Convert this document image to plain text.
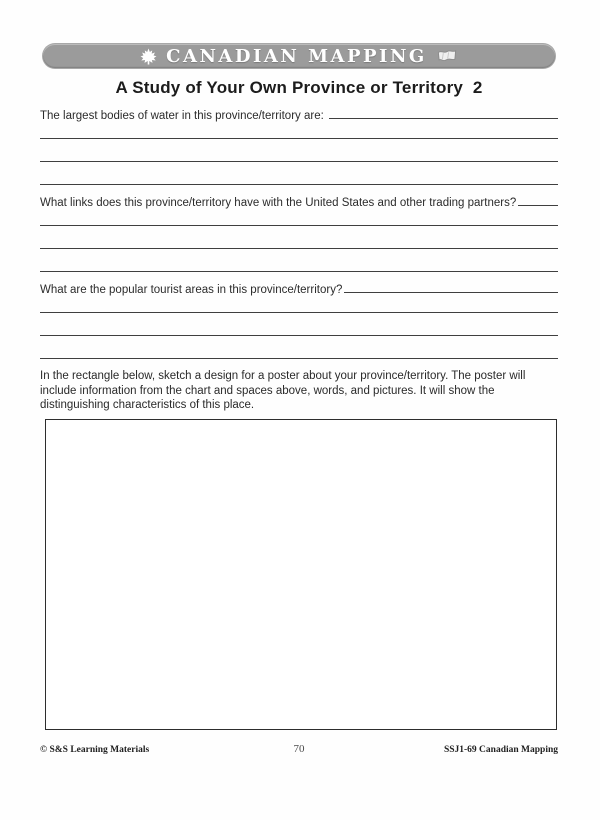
CANADIAN MAPPING
A Study of Your Own Province or Territory  2
The largest bodies of water in this province/territory are:
What links does this province/territory have with the United States and other trading partners?
What are the popular tourist areas in this province/territory?
In the rectangle below, sketch a design for a poster about your province/territory. The poster will include information from the chart and spaces above, words, and pictures. It will show the distinguishing characteristics of this place.
© S&S Learning Materials	70	SSJ1-69 Canadian Mapping
